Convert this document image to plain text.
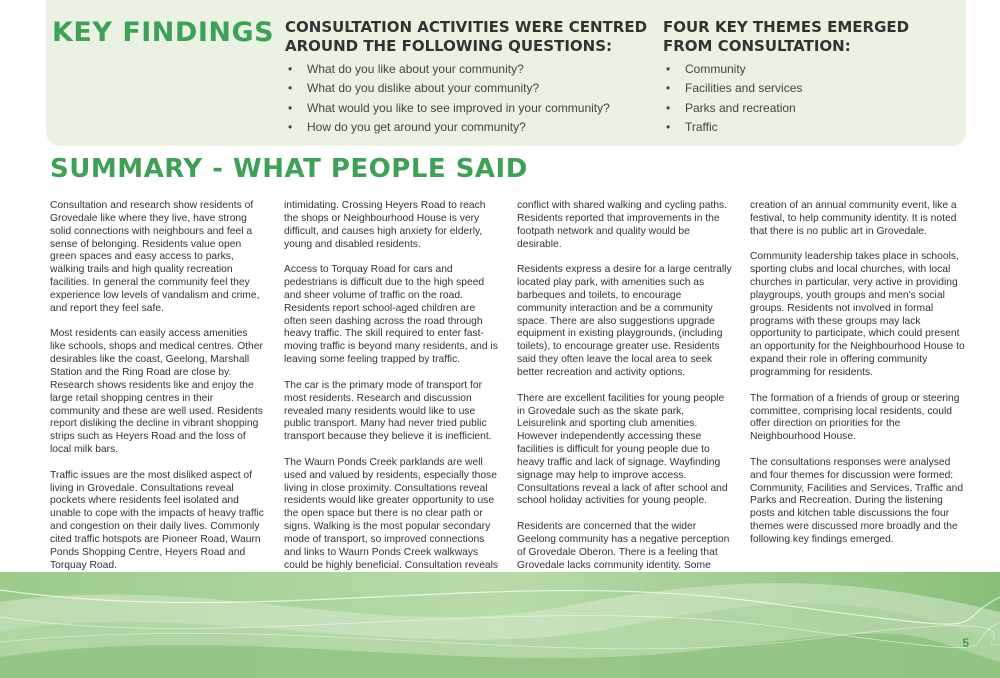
KEY FINDINGS CONSULTATION ACTIVITIES WERE CENTRED
AROUND THE FOLLOWING QUESTIONS:
• What do you like about your community?
• What do you dislike about your community?
• What would you like to see improved in your community?
• How do you get around your community?
FOUR KEY THEMES EMERGED
FROM CONSULTATION:
• Community
• Facilities and services
• Parks and recreation
• Traffic
SUMMARY - WHAT PEOPLE SAID

Consultation and research show residents of Grovedale like where they live, have strong solid connections with neighbours and feel a sense of belonging. Residents value open green spaces and easy access to parks, walking trails and high quality recreation facilities. In general the community feel they experience low levels of vandalism and crime, and report they feel safe.

Most residents can easily access amenities like schools, shops and medical centres. Other desirables like the coast, Geelong, Marshall Station and the Ring Road are close by. Research shows residents like and enjoy the large retail shopping centres in their community and these are well used. Residents report disliking the decline in vibrant shopping strips such as Heyers Road and the loss of local milk bars.

Traffic issues are the most disliked aspect of living in Grovedale. Consultations reveal pockets where residents feel isolated and unable to cope with the impacts of heavy traffic and congestion on their daily lives. Commonly cited traffic hotspots are Pioneer Road, Waurn Ponds Shopping Centre, Heyers Road and Torquay Road.

intimidating. Crossing Heyers Road to reach the shops or Neighbourhood House is very difficult, and causes high anxiety for elderly, young and disabled residents.

Access to Torquay Road for cars and pedestrians is difficult due to the high speed and sheer volume of traffic on the road. Residents report school-aged children are often seen dashing across the road through heavy traffic. The skill required to enter fast-moving traffic is beyond many residents, and is leaving some feeling trapped by traffic.

The car is the primary mode of transport for most residents. Research and discussion revealed many residents would like to use public transport. Many had never tried public transport because they believe it is inefficient.

The Waurn Ponds Creek parklands are well used and valued by residents, especially those living in close proximity. Consultations reveal residents would like greater opportunity to use the open space but there is no clear path or signs. Walking is the most popular secondary mode of transport, so improved connections and links to Waurn Ponds Creek walkways could be highly beneficial. Consultation reveals

conflict with shared walking and cycling paths. Residents reported that improvements in the footpath network and quality would be desirable.

Residents express a desire for a large centrally located play park, with amenities such as barbeques and toilets, to encourage community interaction and be a community space. There are also suggestions upgrade equipment in existing playgrounds, (including toilets), to encourage greater use. Residents said they often leave the local area to seek better recreation and activity options.

There are excellent facilities for young people in Grovedale such as the skate park, Leisurelink and sporting club amenities. However independently accessing these facilities is difficult for young people due to heavy traffic and lack of signage. Wayfinding signage may help to improve access. Consultations reveal a lack of after school and school holiday activities for young people.

Residents are concerned that the wider Geelong community has a negative perception of Grovedale Oberon. There is a feeling that Grovedale lacks community identity. Some

creation of an annual community event, like a festival, to help community identity. It is noted that there is no public art in Grovedale.

Community leadership takes place in schools, sporting clubs and local churches, with local churches in particular, very active in providing playgroups, youth groups and men's social groups. Residents not involved in formal programs with these groups may lack opportunity to participate, which could present an opportunity for the Neighbourhood House to expand their role in offering community programming for residents.

The formation of a friends of group or steering committee, comprising local residents, could offer direction on priorities for the Neighbourhood House.

The consultations responses were analysed and four themes for discussion were formed: Community, Facilities and Services, Traffic and Parks and Recreation. During the listening posts and kitchen table discussions the four themes were discussed more broadly and the following key findings emerged.

5
